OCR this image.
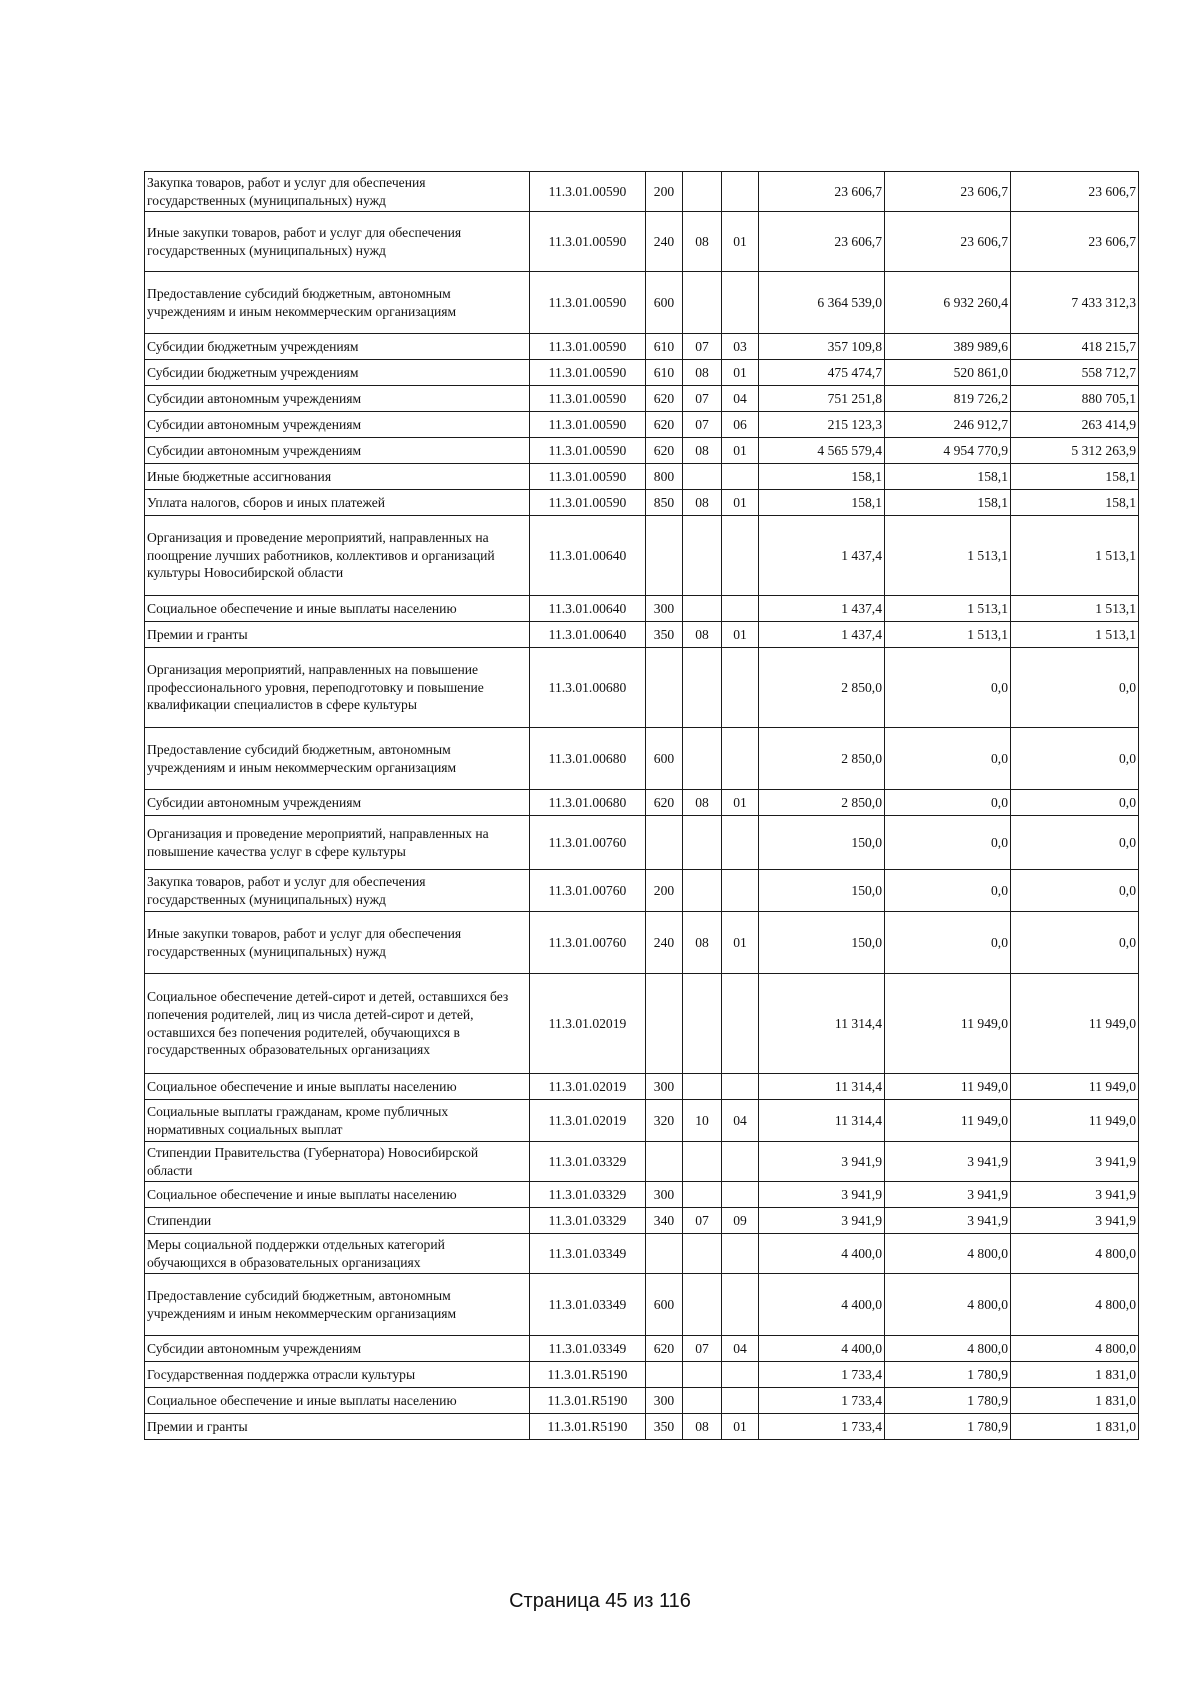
Закупка товаров, работ и услуг для обеспечения государственных (муниципальных) нужд	11.3.01.00590	200			23 606,7	23 606,7	23 606,7
Иные закупки товаров, работ и услуг для обеспечения государственных (муниципальных) нужд	11.3.01.00590	240	08	01	23 606,7	23 606,7	23 606,7
Предоставление субсидий бюджетным, автономным учреждениям и иным некоммерческим организациям	11.3.01.00590	600			6 364 539,0	6 932 260,4	7 433 312,3
Субсидии бюджетным учреждениям	11.3.01.00590	610	07	03	357 109,8	389 989,6	418 215,7
Субсидии бюджетным учреждениям	11.3.01.00590	610	08	01	475 474,7	520 861,0	558 712,7
Субсидии автономным учреждениям	11.3.01.00590	620	07	04	751 251,8	819 726,2	880 705,1
Субсидии автономным учреждениям	11.3.01.00590	620	07	06	215 123,3	246 912,7	263 414,9
Субсидии автономным учреждениям	11.3.01.00590	620	08	01	4 565 579,4	4 954 770,9	5 312 263,9
Иные бюджетные ассигнования	11.3.01.00590	800			158,1	158,1	158,1
Уплата налогов, сборов и иных платежей	11.3.01.00590	850	08	01	158,1	158,1	158,1
Организация и проведение мероприятий, направленных на поощрение лучших работников, коллективов и организаций культуры Новосибирской области	11.3.01.00640				1 437,4	1 513,1	1 513,1
Социальное обеспечение и иные выплаты населению	11.3.01.00640	300			1 437,4	1 513,1	1 513,1
Премии и гранты	11.3.01.00640	350	08	01	1 437,4	1 513,1	1 513,1
Организация мероприятий, направленных на повышение профессионального уровня, переподготовку и повышение квалификации специалистов в сфере культуры	11.3.01.00680				2 850,0	0,0	0,0
Предоставление субсидий бюджетным, автономным учреждениям и иным некоммерческим организациям	11.3.01.00680	600			2 850,0	0,0	0,0
Субсидии автономным учреждениям	11.3.01.00680	620	08	01	2 850,0	0,0	0,0
Организация и проведение мероприятий, направленных на повышение качества услуг в сфере культуры	11.3.01.00760				150,0	0,0	0,0
Закупка товаров, работ и услуг для обеспечения государственных (муниципальных) нужд	11.3.01.00760	200			150,0	0,0	0,0
Иные закупки товаров, работ и услуг для обеспечения государственных (муниципальных) нужд	11.3.01.00760	240	08	01	150,0	0,0	0,0
Социальное обеспечение детей-сирот и детей, оставшихся без попечения родителей, лиц из числа детей-сирот и детей, оставшихся без попечения родителей, обучающихся в государственных образовательных организациях	11.3.01.02019				11 314,4	11 949,0	11 949,0
Социальное обеспечение и иные выплаты населению	11.3.01.02019	300			11 314,4	11 949,0	11 949,0
Социальные выплаты гражданам, кроме публичных нормативных социальных выплат	11.3.01.02019	320	10	04	11 314,4	11 949,0	11 949,0
Стипендии Правительства (Губернатора) Новосибирской области	11.3.01.03329				3 941,9	3 941,9	3 941,9
Социальное обеспечение и иные выплаты населению	11.3.01.03329	300			3 941,9	3 941,9	3 941,9
Стипендии	11.3.01.03329	340	07	09	3 941,9	3 941,9	3 941,9
Меры социальной поддержки отдельных категорий обучающихся в образовательных организациях	11.3.01.03349				4 400,0	4 800,0	4 800,0
Предоставление субсидий бюджетным, автономным учреждениям и иным некоммерческим организациям	11.3.01.03349	600			4 400,0	4 800,0	4 800,0
Субсидии автономным учреждениям	11.3.01.03349	620	07	04	4 400,0	4 800,0	4 800,0
Государственная поддержка отрасли культуры	11.3.01.R5190				1 733,4	1 780,9	1 831,0
Социальное обеспечение и иные выплаты населению	11.3.01.R5190	300			1 733,4	1 780,9	1 831,0
Премии и гранты	11.3.01.R5190	350	08	01	1 733,4	1 780,9	1 831,0
Страница 45 из 116
